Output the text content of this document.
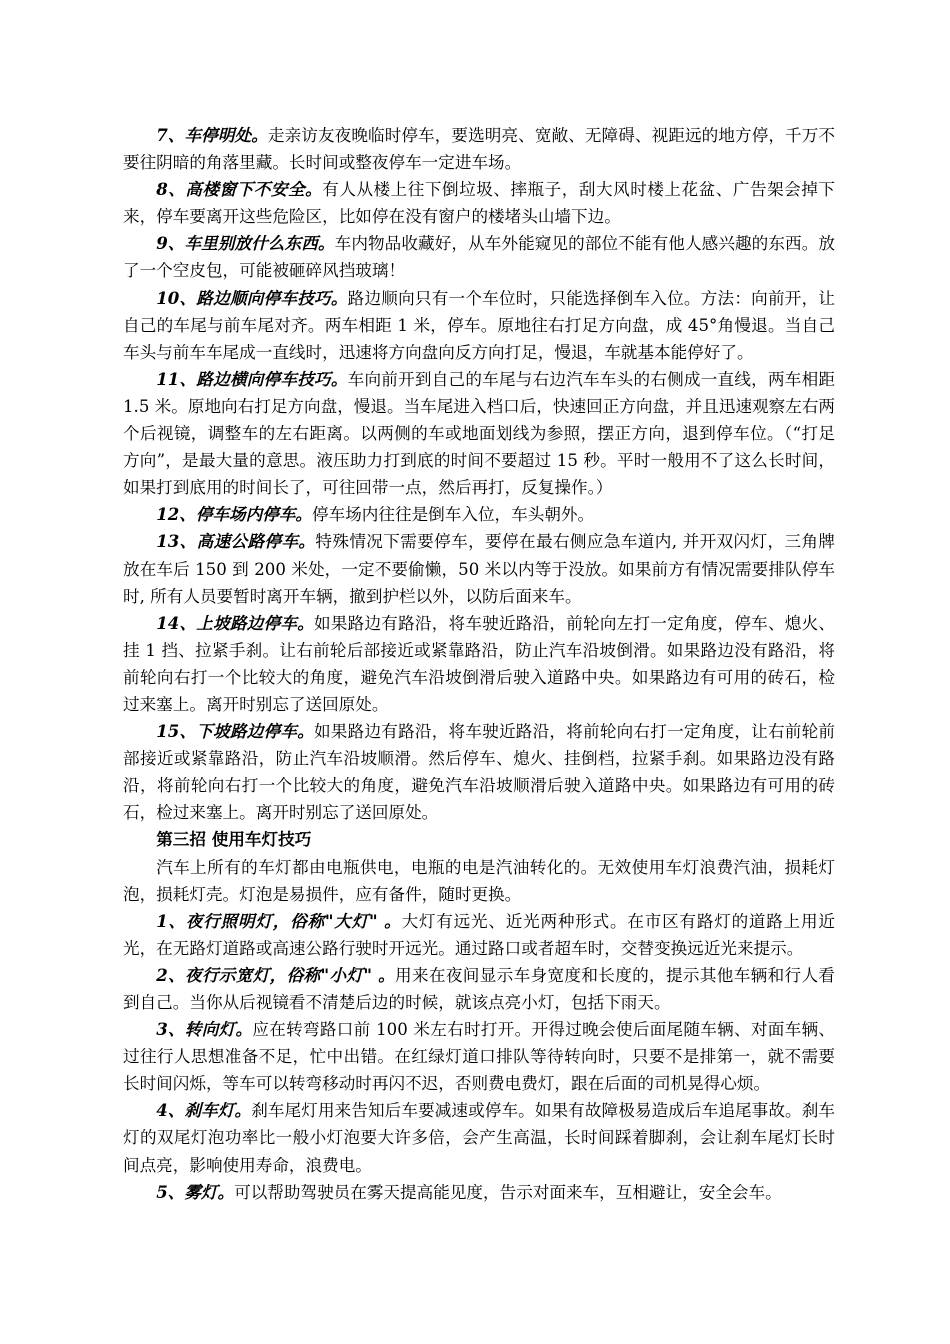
7、车停明处。走亲访友夜晚临时停车，要选明亮、宽敞、无障碍、视距远的地方停，千万不要往阴暗的角落里藏。长时间或整夜停车一定进车场。

8、高楼窗下不安全。有人从楼上往下倒垃圾、摔瓶子，刮大风时楼上花盆、广告架会掉下来，停车要离开这些危险区，比如停在没有窗户的楼堵头山墙下边。

9、车里别放什么东西。车内物品收藏好，从车外能窥见的部位不能有他人感兴趣的东西。放了一个空皮包，可能被砸碎风挡玻璃！

10、路边顺向停车技巧。路边顺向只有一个车位时，只能选择倒车入位。方法：向前开，让自己的车尾与前车尾对齐。两车相距 1 米，停车。原地往右打足方向盘，成 45°角慢退。当自己车头与前车车尾成一直线时，迅速将方向盘向反方向打足，慢退，车就基本能停好了。

11、路边横向停车技巧。车向前开到自己的车尾与右边汽车车头的右侧成一直线，两车相距 1.5 米。原地向右打足方向盘，慢退。当车尾进入档口后，快速回正方向盘，并且迅速观察左右两个后视镜，调整车的左右距离。以两侧的车或地面划线为参照，摆正方向，退到停车位。（“打足方向”，是最大量的意思。液压助力打到底的时间不要超过 15 秒。平时一般用不了这么长时间，如果打到底用的时间长了，可往回带一点，然后再打，反复操作。）

12、停车场内停车。停车场内往往是倒车入位，车头朝外。

13、高速公路停车。特殊情况下需要停车，要停在最右侧应急车道内, 并开双闪灯，三角牌放在车后 150 到 200 米处，一定不要偷懒，50 米以内等于没放。如果前方有情况需要排队停车时, 所有人员要暂时离开车辆，撤到护栏以外，以防后面来车。

14、上坡路边停车。如果路边有路沿，将车驶近路沿，前轮向左打一定角度，停车、熄火、挂 1 挡、拉紧手刹。让右前轮后部接近或紧靠路沿，防止汽车沿坡倒滑。如果路边没有路沿，将前轮向右打一个比较大的角度，避免汽车沿坡倒滑后驶入道路中央。如果路边有可用的砖石，检过来塞上。离开时别忘了送回原处。

15、下坡路边停车。如果路边有路沿，将车驶近路沿，将前轮向右打一定角度，让右前轮前部接近或紧靠路沿，防止汽车沿坡顺滑。然后停车、熄火、挂倒档，拉紧手刹。如果路边没有路沿，将前轮向右打一个比较大的角度，避免汽车沿坡顺滑后驶入道路中央。如果路边有可用的砖石，检过来塞上。离开时别忘了送回原处。

第三招 使用车灯技巧

汽车上所有的车灯都由电瓶供电，电瓶的电是汽油转化的。无效使用车灯浪费汽油，损耗灯泡，损耗灯壳。灯泡是易损件，应有备件，随时更换。

1、夜行照明灯，俗称"大灯" 。大灯有远光、近光两种形式。在市区有路灯的道路上用近光，在无路灯道路或高速公路行驶时开远光。通过路口或者超车时，交替变换远近光来提示。

2、夜行示宽灯，俗称"小灯" 。用来在夜间显示车身宽度和长度的，提示其他车辆和行人看到自己。当你从后视镜看不清楚后边的时候，就该点亮小灯，包括下雨天。

3、转向灯。应在转弯路口前 100 米左右时打开。开得过晚会使后面尾随车辆、对面车辆、过往行人思想准备不足，忙中出错。在红绿灯道口排队等待转向时，只要不是排第一，就不需要长时间闪烁，等车可以转弯移动时再闪不迟，否则费电费灯，跟在后面的司机晃得心烦。

4、刹车灯。刹车尾灯用来告知后车要减速或停车。如果有故障极易造成后车追尾事故。刹车灯的双尾灯泡功率比一般小灯泡要大许多倍，会产生高温，长时间踩着脚刹，会让刹车尾灯长时间点亮，影响使用寿命，浪费电。

5、雾灯。可以帮助驾驶员在雾天提高能见度，告示对面来车，互相避让，安全会车。
